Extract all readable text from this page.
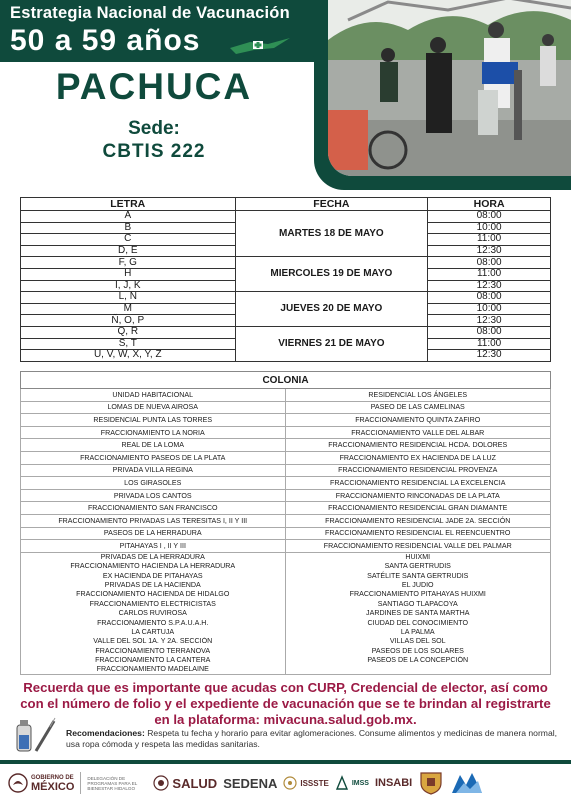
Estrategia Nacional de Vacunación
50 a 59 años
PACHUCA
Sede:
CBTIS 222
LETRA	FECHA	HORA
A	MARTES 18 DE MAYO	08:00
B		10:00
C		11:00
D, E		12:30
F, G	MIERCOLES 19 DE MAYO	08:00
H		11:00
I, J, K		12:30
L, N	JUEVES 20 DE MAYO	08:00
M		10:00
Ñ, O, P		12:30
Q, R	VIERNES 21 DE MAYO	08:00
S, T		11:00
U, V, W, X, Y, Z		12:30
COLONIA	
UNIDAD HABITACIONAL	RESIDENCIAL LOS ÁNGELES
LOMAS DE NUEVA AIROSA	PASEO DE LAS CAMELINAS
RESIDENCIAL PUNTA LAS TORRES	FRACCIONAMIENTO QUINTA ZAFIRO
FRACCIONAMIENTO LA NORIA	FRACCIONAMIENTO VALLE DEL ALBAR
REAL DE LA LOMA	FRACCIONAMIENTO RESIDENCIAL HCDA. DOLORES
FRACCIONAMIENTO PASEOS DE LA PLATA	FRACCIONAMIENTO EX HACIENDA DE LA LUZ
PRIVADA VILLA REGINA	FRACCIONAMIENTO RESIDENCIAL PROVENZA
LOS GIRASOLES	FRACCIONAMIENTO RESIDENCIAL LA EXCELENCIA
PRIVADA LOS CANTOS	FRACCIONAMIENTO RINCONADAS DE LA PLATA
FRACCIONAMIENTO SAN FRANCISCO	FRACCIONAMIENTO RESIDENCIAL GRAN DIAMANTE
FRACCIONAMIENTO PRIVADAS LAS TERESITAS I, II Y III	FRACCIONAMIENTO RESIDENCIAL JADE 2A. SECCIÓN
PASEOS DE LA HERRADURA	FRACCIONAMIENTO RESIDENCIAL EL REENCUENTRO
PITAHAYAS I , II Y III	FRACCIONAMIENTO RESIDENCIAL VALLE DEL PALMAR
PRIVADAS DE LA HERRADURA	HUIXMI
FRACCIONAMIENTO HACIENDA LA HERRADURA	SANTA GERTRUDIS
EX HACIENDA DE PITAHAYAS	SATÉLITE SANTA GERTRUDIS
PRIVADAS DE LA HACIENDA	EL JUDIO
FRACCIONAMIENTO HACIENDA DE HIDALGO	FRACCIONAMIENTO PITAHAYAS HUIXMI
FRACCIONAMIENTO ELECTRICISTAS	SANTIAGO TLAPACOYA
CARLOS RUVIROSA	JARDINES DE SANTA MARTHA
FRACCIONAMIENTO S.P.A.U.A.H.	CIUDAD DEL CONOCIMIENTO
LA CARTUJA	LA PALMA
VALLE DEL SOL 1A. Y 2A. SECCIÓN	VILLAS DEL SOL
FRACCIONAMIENTO TERRANOVA	PASEOS DE LOS SOLARES
FRACCIONAMIENTO LA CANTERA	PASEOS DE LA CONCEPCIÓN
FRACCIONAMIENTO MADELAINE	
Recuerda que es importante que acudas con CURP, Credencial de elector, así como con el número de folio y el expediente de vacunación que se te brindan al registrarte en la plataforma: mivacuna.salud.gob.mx.
Recomendaciones: Respeta tu fecha y horario para evitar aglomeraciones. Consume alimentos y medicinas de manera normal, usa ropa cómoda y respeta las medidas sanitarias.
GOBIERNO DE
MÉXICO
DELEGACIÓN DE PROGRAMAS PARA EL BIENESTAR HIDALGO	SALUD SEDENA	ISSSTE	IMSS INSABI
